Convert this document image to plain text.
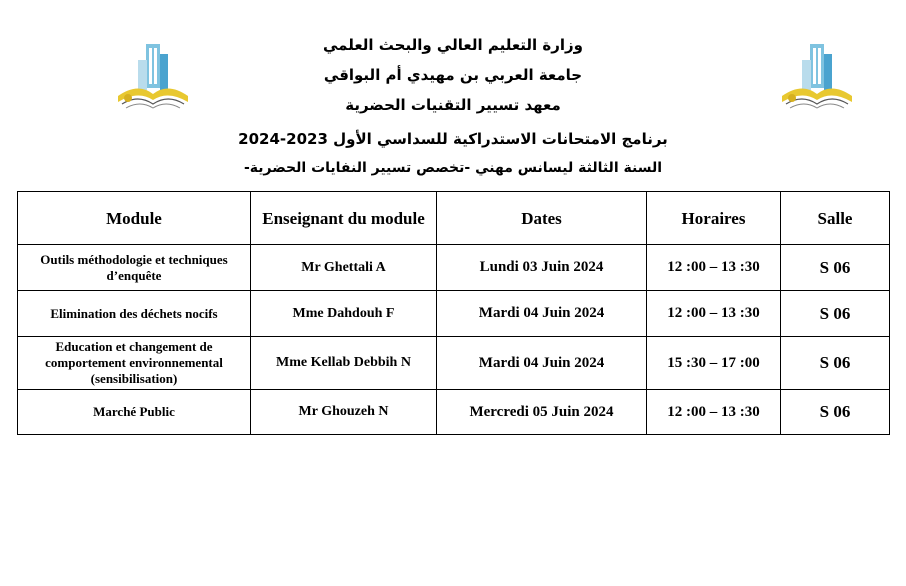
وزارة التعليم العالي والبحث العلمي
جامعة العربي بن مهيدي أم البواقي
معهد تسيير التقنيات الحضرية
برنامج الامتحانات الاستدراكية للسداسي الأول 2023-2024
السنة الثالثة ليسانس مهني -تخصص تسيير النفايات الحضرية-
Module	Enseignant du module	Dates	Horaires	Salle
Outils méthodologie et techniques d’enquête	Mr Ghettali A	Lundi 03 Juin 2024	12 :00 – 13 :30	S 06
Elimination des déchets nocifs	Mme Dahdouh F	Mardi 04 Juin 2024	12 :00 – 13 :30	S 06
Education et changement de comportement environnemental (sensibilisation)	Mme Kellab Debbih N	Mardi 04 Juin 2024	15 :30 – 17 :00	S 06
Marché Public	Mr Ghouzeh N	Mercredi 05 Juin 2024	12 :00 – 13 :30	S 06
